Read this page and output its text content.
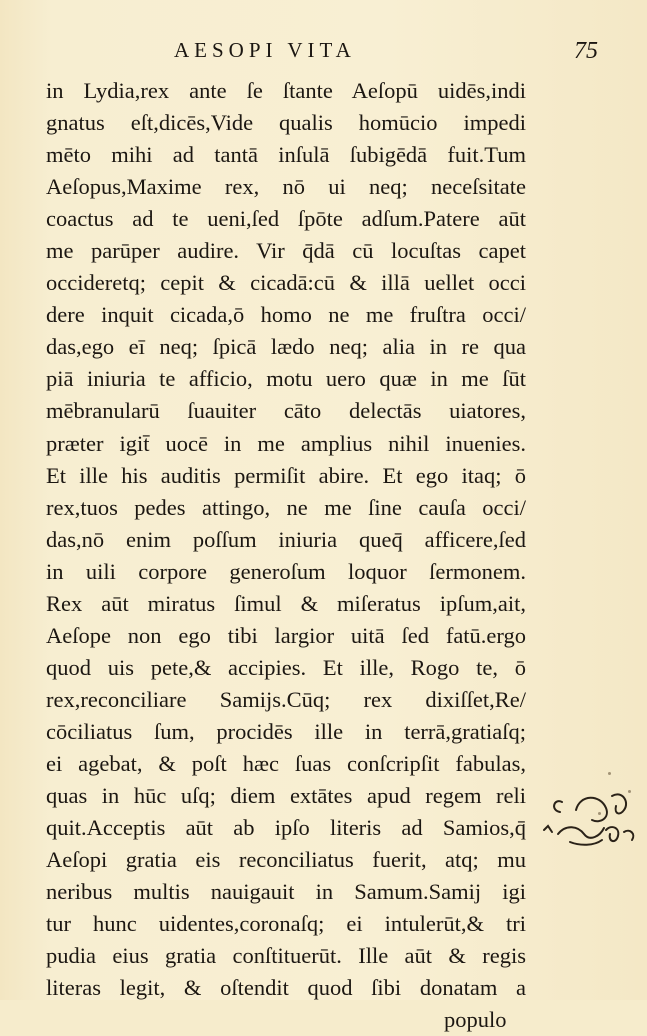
AESOPI VITA	75
in Lydia,rex ante ſe ſtante Aeſopū uidēs,indi
gnatus eſt,dicēs,Vide qualis homūcio impedi
mēto mihi ad tantā inſulā ſubigēdā fuit.Tum
Aeſopus,Maxime rex, nō ui neq; neceſsitate
coactus ad te ueni,ſed ſpōte adſum.Patere aūt
me parūper audire. Vir q̄dā cū locuſtas capet
occideretq; cepit & cicadā:cū & illā uellet occi
dere inquit cicada,ō homo ne me fruſtra occi/
das,ego eī neq; ſpicā lædo neq; alia in re qua
piā iniuria te afficio, motu uero quæ in me ſūt
mēbranularū ſuauiter cāto delectās uiatores,
præter igit̄ uocē in me amplius nihil inuenies.
Et ille his auditis permiſit abire. Et ego itaq; ō
rex,tuos pedes attingo, ne me ſine cauſa occi/
das,nō enim poſſum iniuria queq̄ afficere,ſed
in uili corpore generoſum loquor ſermonem.
Rex aūt miratus ſimul & miſeratus ipſum,ait,
Aeſope non ego tibi largior uitā ſed fatū.ergo
quod uis pete,& accipies. Et ille, Rogo te, ō
rex,reconciliare Samijs.Cūq; rex dixiſſet,Re/
cōciliatus ſum, procidēs ille in terrā,gratiaſq;
ei agebat, & poſt hæc ſuas conſcripſit fabulas,
quas in hūc uſq; diem extātes apud regem reli
quit.Acceptis aūt ab ipſo literis ad Samios,q̄
Aeſopi gratia eis reconciliatus fuerit, atq; mu
neribus multis nauigauit in Samum.Samij igi
tur hunc uidentes,coronaſq; ei intulerūt,& tri
pudia eius gratia conſtituerūt. Ille aūt & regis
literas legit, & oſtendit quod ſibi donatam a
populo
